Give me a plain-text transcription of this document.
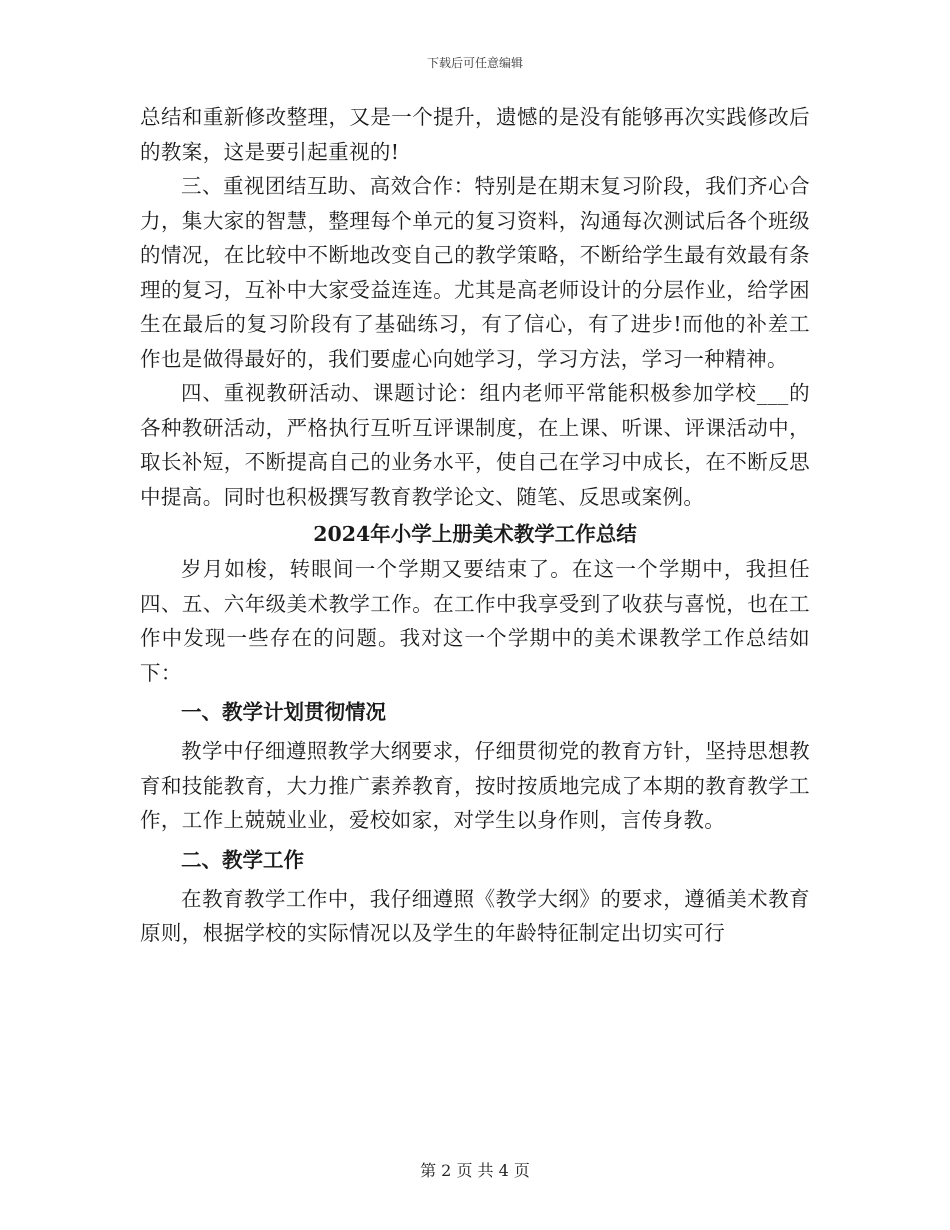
下载后可任意编辑

总结和重新修改整理，又是一个提升，遗憾的是没有能够再次实践修改后的教案，这是要引起重视的!

三、重视团结互助、高效合作：特别是在期末复习阶段，我们齐心合力，集大家的智慧，整理每个单元的复习资料，沟通每次测试后各个班级的情况，在比较中不断地改变自己的教学策略，不断给学生最有效最有条理的复习，互补中大家受益连连。尤其是高老师设计的分层作业，给学困生在最后的复习阶段有了基础练习，有了信心，有了进步!而他的补差工作也是做得最好的，我们要虚心向她学习，学习方法，学习一种精神。

四、重视教研活动、课题讨论：组内老师平常能积极参加学校___的各种教研活动，严格执行互听互评课制度，在上课、听课、评课活动中，取长补短，不断提高自己的业务水平，使自己在学习中成长，在不断反思中提高。同时也积极撰写教育教学论文、随笔、反思或案例。

2024年小学上册美术教学工作总结

岁月如梭，转眼间一个学期又要结束了。在这一个学期中，我担任四、五、六年级美术教学工作。在工作中我享受到了收获与喜悦，也在工作中发现一些存在的问题。我对这一个学期中的美术课教学工作总结如下：

一、教学计划贯彻情况

教学中仔细遵照教学大纲要求，仔细贯彻党的教育方针，坚持思想教育和技能教育，大力推广素养教育，按时按质地完成了本期的教育教学工作，工作上兢兢业业，爱校如家，对学生以身作则，言传身教。

二、教学工作

在教育教学工作中，我仔细遵照《教学大纲》的要求，遵循美术教育原则，根据学校的实际情况以及学生的年龄特征制定出切实可行

第 2 页 共 4 页
